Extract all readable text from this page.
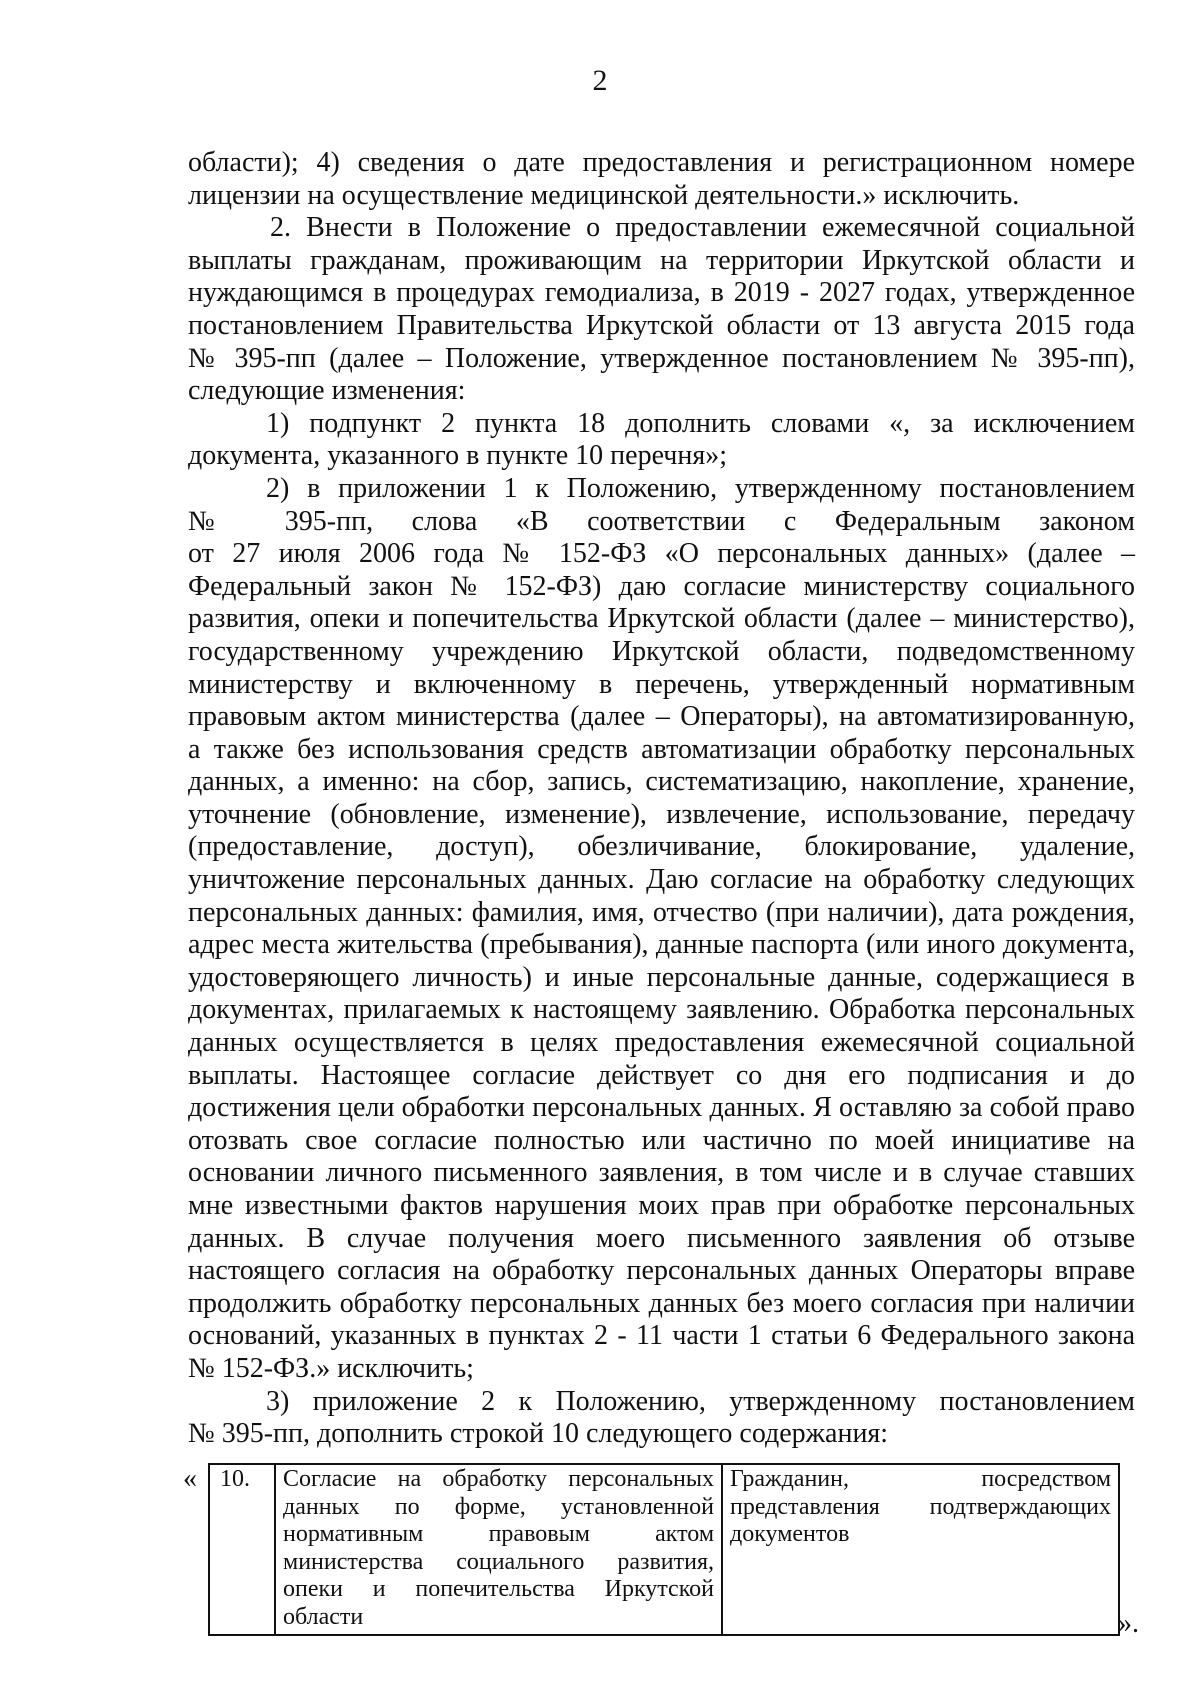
2

области); 4) сведения о дате предоставления и регистрационном номере

лицензии на осуществление медицинской деятельности.» исключить.

2. Внести в Положение о предоставлении ежемесячной социальной

выплаты гражданам, проживающим на территории Иркутской области и

нуждающимся в процедурах гемодиализа, в 2019 - 2027 годах, утвержденное

постановлением Правительства Иркутской области от 13 августа 2015 года

№ 395-пп (далее – Положение, утвержденное постановлением № 395-пп),

следующие изменения:

1) подпункт 2 пункта 18 дополнить словами «, за исключением

документа, указанного в пункте 10 перечня»;

2) в приложении 1 к Положению, утвержденному постановлением

№ 395-пп, слова «В соответствии с Федеральным законом

от 27 июля 2006 года № 152-ФЗ «О персональных данных» (далее –

Федеральный закон № 152-ФЗ) даю согласие министерству социального

развития, опеки и попечительства Иркутской области (далее – министерство),

государственному учреждению Иркутской области, подведомственному

министерству и включенному в перечень, утвержденный нормативным

правовым актом министерства (далее – Операторы), на автоматизированную,

а также без использования средств автоматизации обработку персональных

данных, а именно: на сбор, запись, систематизацию, накопление, хранение,

уточнение (обновление, изменение), извлечение, использование, передачу

(предоставление, доступ), обезличивание, блокирование, удаление,

уничтожение персональных данных. Даю согласие на обработку следующих

персональных данных: фамилия, имя, отчество (при наличии), дата рождения,

адрес места жительства (пребывания), данные паспорта (или иного документа,

удостоверяющего личность) и иные персональные данные, содержащиеся в

документах, прилагаемых к настоящему заявлению. Обработка персональных

данных осуществляется в целях предоставления ежемесячной социальной

выплаты. Настоящее согласие действует со дня его подписания и до

достижения цели обработки персональных данных. Я оставляю за собой право

отозвать свое согласие полностью или частично по моей инициативе на

основании личного письменного заявления, в том числе и в случае ставших

мне известными фактов нарушения моих прав при обработке персональных

данных. В случае получения моего письменного заявления об отзыве

настоящего согласия на обработку персональных данных Операторы вправе

продолжить обработку персональных данных без моего согласия при наличии

оснований, указанных в пунктах 2 - 11 части 1 статьи 6 Федерального закона

№ 152-ФЗ.» исключить;

3) приложение 2 к Положению, утвержденному постановлением

№ 395-пп, дополнить строкой 10 следующего содержания:

« 10.	Согласие на обработку персональных данных по форме, установленной нормативным правовым актом министерства социального развития, опеки и попечительства Иркутской области	Гражданин, посредством представления подтверждающих документов
».
